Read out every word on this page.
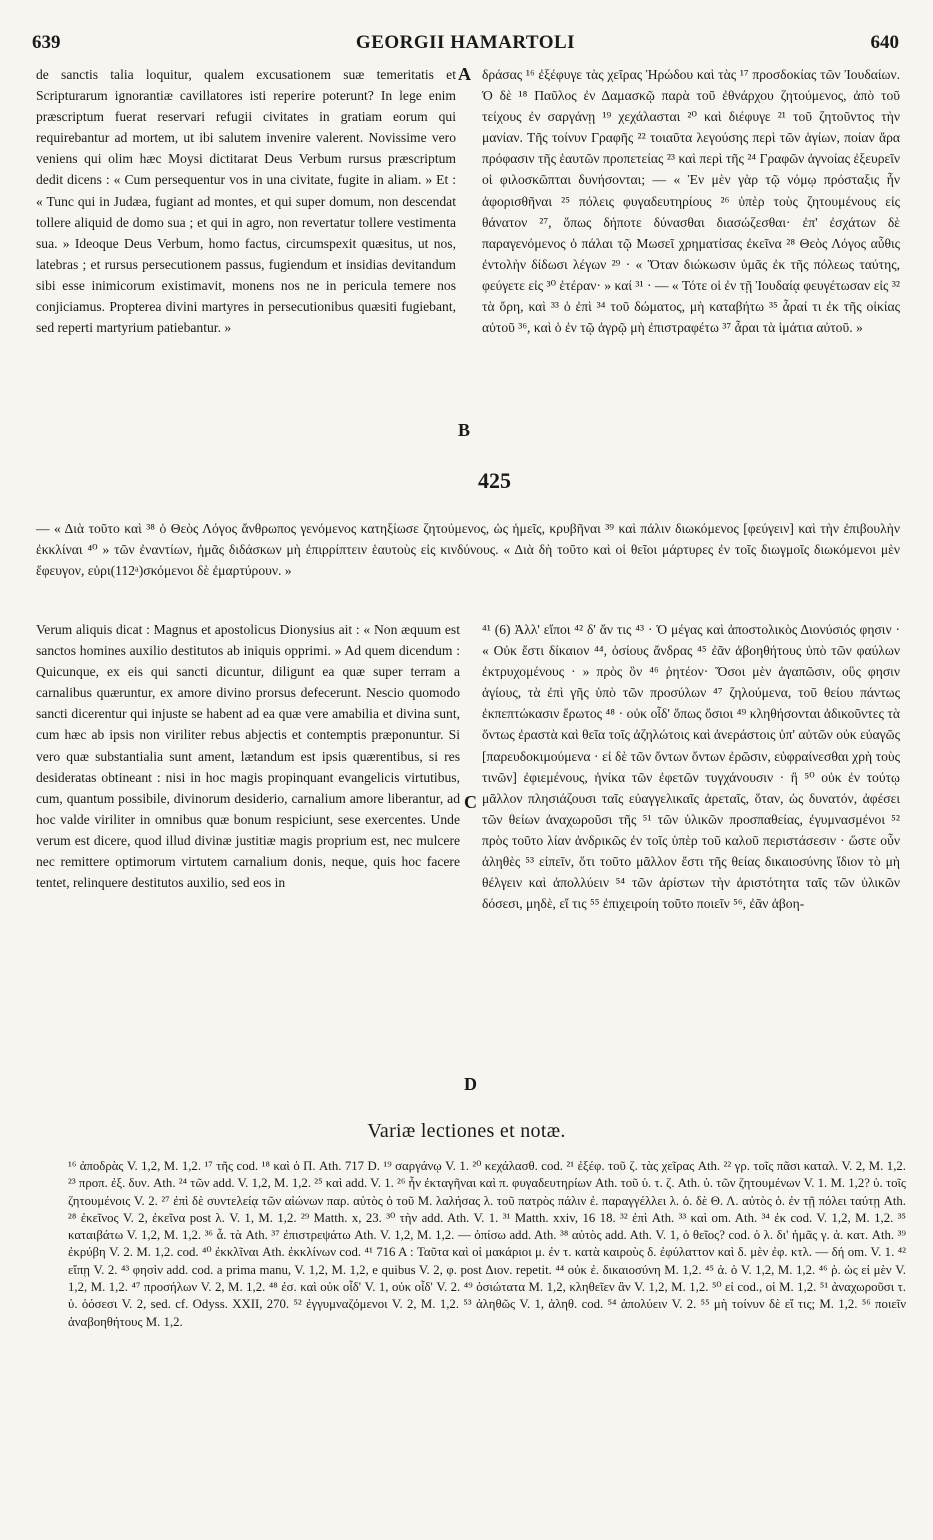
639	GEORGII HAMARTOLI	640

de sanctis talia loquitur, qualem excusationem suæ temeritatis et Scripturarum ignorantiæ cavillatores isti reperire poterunt? In lege enim præscriptum fuerat reservari refugii civitates in gratiam eorum qui requirebantur ad mortem, ut ibi salutem invenire valerent. Novissime vero veniens qui olim hæc Moysi dictitarat Deus Verbum rursus præscriptum dedit dicens : « Cum persequentur vos in una civitate, fugite in aliam. » Et : « Tunc qui in Judæa, fugiant ad montes, et qui super domum, non descendat tollere aliquid de domo sua ; et qui in agro, non revertatur tollere vestimenta sua. » Ideoque Deus Verbum, homo factus, circumspexit quæsitus, ut nos, latebras ; et rursus persecutionem passus, fugiendum et insidias devitandum sibi esse inimicorum existimavit, monens nos ne in pericula temere nos conjiciamus. Propterea divini martyres in persecutionibus quæsiti fugiebant, sed reperti martyrium patiebantur. »

δράσας ¹⁶ ἐξέφυγε τὰς χεῖρας Ἡρώδου καὶ τὰς ¹⁷ προσδοκίας τῶν Ἰουδαίων. Ὁ δὲ ¹⁸ Παῦλος ἐν Δαμασκῷ παρὰ τοῦ ἐθνάρχου ζητούμενος, ἀπὸ τοῦ τείχους ἐν σαργάνῃ ¹⁹ χεχάλασται ²⁰ καὶ διέφυγε ²¹ τοῦ ζητοῦντος τὴν μανίαν. Τῆς τοίνυν Γραφῆς ²² τοιαῦτα λεγούσης περὶ τῶν ἁγίων, ποίαν ἄρα πρόφασιν τῆς ἑαυτῶν προπετείας ²³ καὶ περὶ τῆς ²⁴ Γραφῶν ἀγνοίας ἐξευρεῖν οἱ φιλοσκῶπται δυνήσονται; — « Ἐν μὲν γὰρ τῷ νόμῳ πρόσταξις ἦν ἀφορισθῆναι ²⁵ πόλεις φυγαδευτηρίους ²⁶ ὑπὲρ τοὺς ζητουμένους εἰς θάνατον ²⁷, ὅπως δήποτε δύνασθαι διασώζεσθαι· ἐπ' ἐσχάτων δὲ παραγενόμενος ὁ πάλαι τῷ Μωσεῖ χρηματίσας ἐκεῖνα ²⁸ Θεὸς Λόγος αὖθις ἐντολὴν δίδωσι λέγων ²⁹ · « Ὅταν διώκωσιν ὑμᾶς ἐκ τῆς πόλεως ταύτης, φεύγετε εἰς ³⁰ ἑτέραν· » καί ³¹ · — « Τότε οἱ ἐν τῇ Ἰουδαίᾳ φευγέτωσαν εἰς ³² τὰ ὄρη, καὶ ³³ ὁ ἐπὶ ³⁴ τοῦ δώματος, μὴ καταβήτω ³⁵ ἆραί τι ἐκ τῆς οἰκίας αὐτοῦ ³⁶, καὶ ὁ ἐν τῷ ἀγρῷ μὴ ἐπιστραφέτω ³⁷ ἆραι τὰ ἱμάτια αὐτοῦ. »

A
B
425

— « Διὰ τοῦτο καὶ ³⁸ ὁ Θεὸς Λόγος ἄνθρωπος γενόμενος κατηξίωσε ζητούμενος, ὡς ἡμεῖς, κρυβῆναι ³⁹ καὶ πάλιν διωκόμενος [φεύγειν] καὶ τὴν ἐπιβουλὴν ἐκκλίναι ⁴⁰ » τῶν ἐναντίων, ἡμᾶς διδάσκων μὴ ἐπιρρίπτειν ἑαυτοὺς εἰς κινδύνους. « Διὰ δὴ τοῦτο καὶ οἱ θεῖοι μάρτυρες ἐν τοῖς διωγμοῖς διωκόμενοι μὲν ἔφευγον, εὑρι(112ᵃ)σκόμενοι δὲ ἐμαρτύρουν. »

Verum aliquis dicat : Magnus et apostolicus Dionysius ait : « Non æquum est sanctos homines auxilio destitutos ab iniquis opprimi. » Ad quem dicendum : Quicunque, ex eis qui sancti dicuntur, diligunt ea quæ super terram a carnalibus quæruntur, ex amore divino prorsus defecerunt. Nescio quomodo sancti dicerentur qui injuste se habent ad ea quæ vere amabilia et divina sunt, cum hæc ab ipsis non viriliter rebus abjectis et contemptis præponuntur. Si vero quæ substantialia sunt ament, lætandum est ipsis quærentibus, si res desideratas obtineant : nisi in hoc magis propinquant evangelicis virtutibus, cum, quantum possibile, divinorum desiderio, carnalium amore liberantur, ad hoc valde viriliter in omnibus quæ bonum respiciunt, sese exercentes. Unde verum est dicere, quod illud divinæ justitiæ magis proprium est, nec mulcere nec remittere optimorum virtutem carnalium donis, neque, quis hoc facere tentet, relinquere destitutos auxilio, sed eos in

⁴¹ (6) Ἀλλ' εἴποι ⁴² δ' ἄν τις ⁴³ · Ὁ μέγας καὶ ἀποστολικὸς Διονύσιός φησιν · « Οὐκ ἔστι δίκαιον ⁴⁴, ὁσίους ἄνδρας ⁴⁵ ἐᾶν ἀβοηθήτους ὑπὸ τῶν φαύλων ἐκτρυχομένους · » πρὸς ὃν ⁴⁶ ῥητέον· Ὅσοι μὲν ἀγαπῶσιν, οὓς φησιν ἁγίους, τὰ ἐπὶ γῆς ὑπὸ τῶν προσύλων ⁴⁷ ζηλούμενα, τοῦ θείου πάντως ἐκπεπτώκασιν ἔρωτος ⁴⁸ · οὐκ οἶδ' ὅπως ὅσιοι ⁴⁹ κληθήσονται ἀδικοῦντες τὰ ὄντως ἐραστὰ καὶ θεῖα τοῖς ἀζηλώτοις καὶ ἀνεράστοις ὑπ' αὐτῶν οὐκ εὐαγῶς [παρευδοκιμούμενα · εἰ δὲ τῶν ὄντων ὄντων ἐρῶσιν, εὐφραίνεσθαι χρὴ τοὺς τινῶν] ἐφιεμένους, ἡνίκα τῶν ἐφετῶν τυγχάνουσιν · ἢ ⁵⁰ οὐκ ἐν τούτῳ μᾶλλον πλησιάζουσι ταῖς εὐαγγελικαῖς ἀρεταῖς, ὅταν, ὡς δυνατόν, ἀφέσει τῶν θείων ἀναχωροῦσι τῆς ⁵¹ τῶν ὑλικῶν προσπαθείας, ἐγυμνασμένοι ⁵² πρὸς τοῦτο λίαν ἀνδρικῶς ἐν τοῖς ὑπὲρ τοῦ καλοῦ περιστάσεσιν · ὥστε οὖν ἀληθὲς ⁵³ εἰπεῖν, ὅτι τοῦτο μᾶλλον ἔστι τῆς θείας δικαιοσύνης ἴδιον τὸ μὴ θέλγειν καὶ ἀπολλύειν ⁵⁴ τῶν ἀρίστων τὴν ἀριστότητα ταῖς τῶν ὑλικῶν δόσεσι, μηδὲ, εἴ τις ⁵⁵ ἐπιχειροίη τοῦτο ποιεῖν ⁵⁶, ἐᾶν ἀβοη-

C
D
Variæ lectiones et notæ.

¹⁶ ἀποδρὰς V. 1,2, M. 1,2. ¹⁷ τῆς cod. ¹⁸ καὶ ὁ Π. Ath. 717 D. ¹⁹ σαργάνῳ V. 1. ²⁰ κεχάλασθ. cod. ²¹ ἐξέφ. τοῦ ζ. τὰς χεῖρας Ath. ²² γρ. τοῖς πᾶσι καταλ. V. 2, M. 1,2. ²³ προπ. ἐξ. δυν. Ath. ²⁴ τῶν add. V. 1,2, M. 1,2. ²⁵ καὶ add. V. 1. ²⁶ ἦν ἐκταγῆναι καὶ π. φυγαδευτηρίων Ath. τοῦ ὑ. τ. ζ. Ath. ὑ. τῶν ζητουμένων V. 1. M. 1,2? ὑ. τοῖς ζητουμένοις V. 2. ²⁷ ἐπὶ δὲ συντελείᾳ τῶν αἰώνων παρ. αὐτὸς ὁ τοῦ Μ. λαλήσας λ. τοῦ πατρὸς πάλιν ἐ. παραγγέλλει λ. ὁ. δὲ Θ. Λ. αὐτὸς ὁ. ἐν τῇ πόλει ταύτῃ Ath. ²⁸ ἐκεῖνος V. 2, ἐκεῖνα post λ. V. 1, M. 1,2. ²⁹ Matth. x, 23. ³⁰ τὴν add. Ath. V. 1. ³¹ Matth. xxiv, 16 18. ³² ἐπὶ Ath. ³³ καὶ om. Ath. ³⁴ ἐκ cod. V. 1,2, M. 1,2. ³⁵ καταιβάτω V. 1,2, M. 1,2. ³⁶ ἆ. τὰ Ath. ³⁷ ἐπιστρεψάτω Ath. V. 1,2, M. 1,2. — ὀπίσω add. Ath. ³⁸ αὐτὸς add. Ath. V. 1, ὁ θεῖος? cod. ὁ λ. δι' ἡμᾶς γ. ἀ. κατ. Ath. ³⁹ ἐκρύβη V. 2. M. 1,2. cod. ⁴⁰ ἐκκλῖναι Ath. ἐκκλίνων cod. ⁴¹ 716 A : Ταῦτα καὶ οἱ μακάριοι μ. ἐν τ. κατὰ καιροὺς δ. ἐφύλαττον καὶ δ. μὲν ἐφ. κτλ. — δή om. V. 1. ⁴² εἴπῃ V. 2. ⁴³ φησὶν add. cod. a prima manu, V. 1,2, M. 1,2, e quibus V. 2, φ. post Διον. repetit. ⁴⁴ οὐκ ἐ. δικαιοσύνη M. 1,2. ⁴⁵ ἀ. ὁ V. 1,2, M. 1,2. ⁴⁶ ῥ. ὡς εἰ μὲν V. 1,2, M. 1,2. ⁴⁷ προσήλων V. 2, M. 1,2. ⁴⁸ ἐσ. καὶ οὐκ οἶδ' V. 1, οὐκ οἶδ' V. 2. ⁴⁹ ὁσιώτατα M. 1,2, κληθεῖεν ἂν V. 1,2, M. 1,2. ⁵⁰ εἰ cod., οἱ M. 1,2. ⁵¹ ἀναχωροῦσι τ. ὑ. ὁόσεσι V. 2, sed. cf. Odyss. XXII, 270. ⁵² ἐγγυμναζόμενοι V. 2, M. 1,2. ⁵³ ἀληθῶς V. 1, ἀληθ. cod. ⁵⁴ ἀπολύειν V. 2. ⁵⁵ μὴ τοίνυν δὲ εἴ τις; M. 1,2. ⁵⁶ ποιεῖν ἀναβοηθήτους M. 1,2.
